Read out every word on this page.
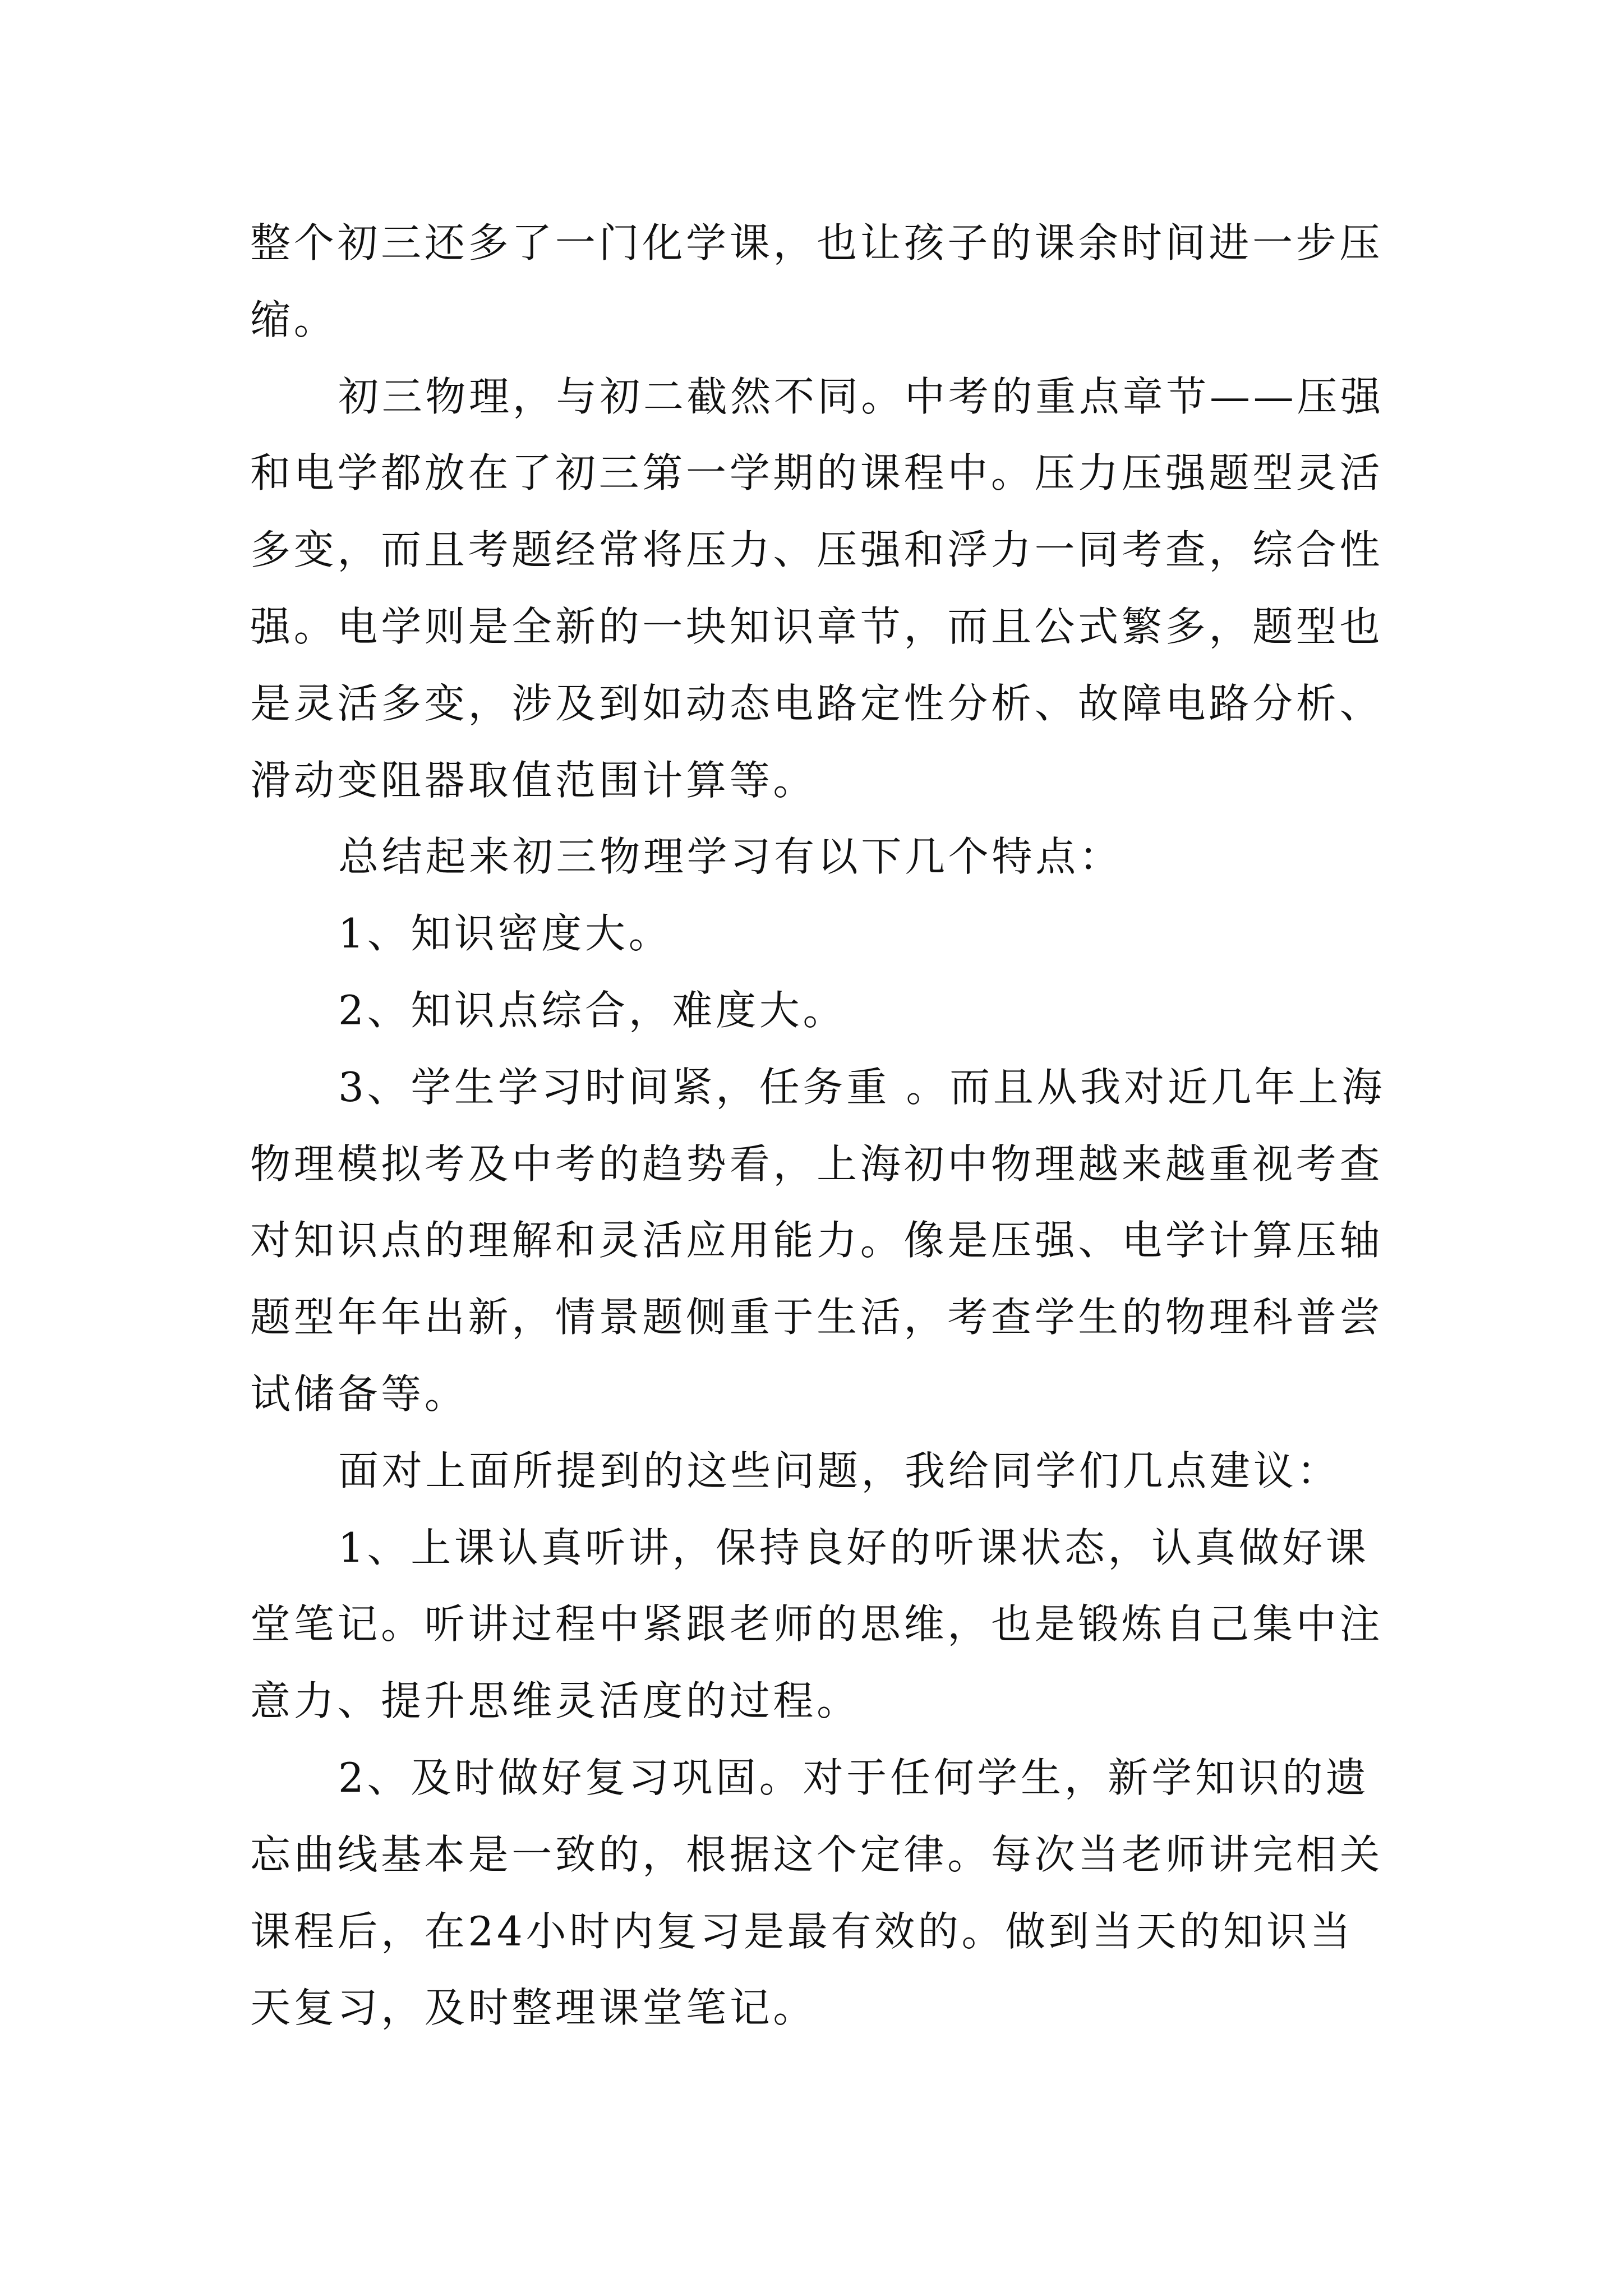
整个初三还多了一门化学课，也让孩子的课余时间进一步压
缩。
初三物理，与初二截然不同。中考的重点章节——压强
和电学都放在了初三第一学期的课程中。压力压强题型灵活
多变，而且考题经常将压力、压强和浮力一同考查，综合性
强。电学则是全新的一块知识章节，而且公式繁多，题型也
是灵活多变，涉及到如动态电路定性分析、故障电路分析、
滑动变阻器取值范围计算等。
总结起来初三物理学习有以下几个特点：
1、知识密度大。
2、知识点综合，难度大。
3、学生学习时间紧，任务重 。而且从我对近几年上海
物理模拟考及中考的趋势看，上海初中物理越来越重视考查
对知识点的理解和灵活应用能力。像是压强、电学计算压轴
题型年年出新，情景题侧重于生活，考查学生的物理科普尝
试储备等。
面对上面所提到的这些问题，我给同学们几点建议：
1、上课认真听讲，保持良好的听课状态，认真做好课
堂笔记。听讲过程中紧跟老师的思维，也是锻炼自己集中注
意力、提升思维灵活度的过程。
2、及时做好复习巩固。对于任何学生，新学知识的遗
忘曲线基本是一致的，根据这个定律。每次当老师讲完相关
课程后，在24小时内复习是最有效的。做到当天的知识当
天复习，及时整理课堂笔记。
